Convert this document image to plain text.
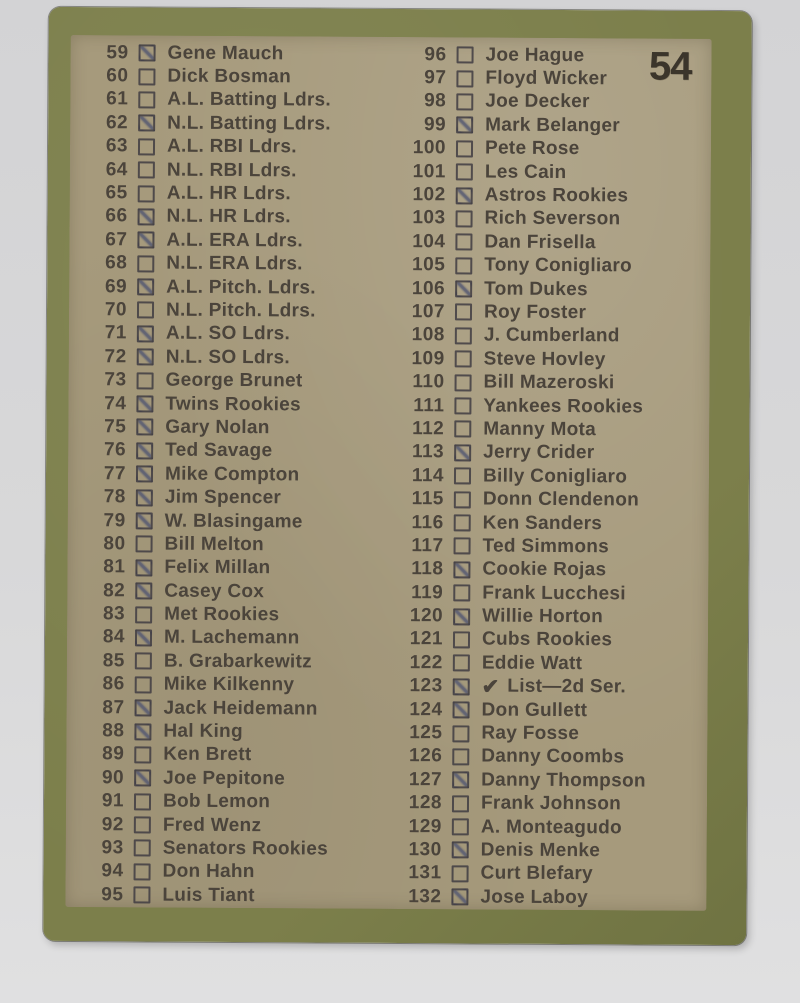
54
59 Gene Mauch
60 Dick Bosman
61 A.L. Batting Ldrs.
62 N.L. Batting Ldrs.
63 A.L. RBI Ldrs.
64 N.L. RBI Ldrs.
65 A.L. HR Ldrs.
66 N.L. HR Ldrs.
67 A.L. ERA Ldrs.
68 N.L. ERA Ldrs.
69 A.L. Pitch. Ldrs.
70 N.L. Pitch. Ldrs.
71 A.L. SO Ldrs.
72 N.L. SO Ldrs.
73 George Brunet
74 Twins Rookies
75 Gary Nolan
76 Ted Savage
77 Mike Compton
78 Jim Spencer
79 W. Blasingame
80 Bill Melton
81 Felix Millan
82 Casey Cox
83 Met Rookies
84 M. Lachemann
85 B. Grabarkewitz
86 Mike Kilkenny
87 Jack Heidemann
88 Hal King
89 Ken Brett
90 Joe Pepitone
91 Bob Lemon
92 Fred Wenz
93 Senators Rookies
94 Don Hahn
95 Luis Tiant
96 Joe Hague
97 Floyd Wicker
98 Joe Decker
99 Mark Belanger
100 Pete Rose
101 Les Cain
102 Astros Rookies
103 Rich Severson
104 Dan Frisella
105 Tony Conigliaro
106 Tom Dukes
107 Roy Foster
108 J. Cumberland
109 Steve Hovley
110 Bill Mazeroski
111 Yankees Rookies
112 Manny Mota
113 Jerry Crider
114 Billy Conigliaro
115 Donn Clendenon
116 Ken Sanders
117 Ted Simmons
118 Cookie Rojas
119 Frank Lucchesi
120 Willie Horton
121 Cubs Rookies
122 Eddie Watt
123 ✔ List—2d Ser.
124 Don Gullett
125 Ray Fosse
126 Danny Coombs
127 Danny Thompson
128 Frank Johnson
129 A. Monteagudo
130 Denis Menke
131 Curt Blefary
132 Jose Laboy
